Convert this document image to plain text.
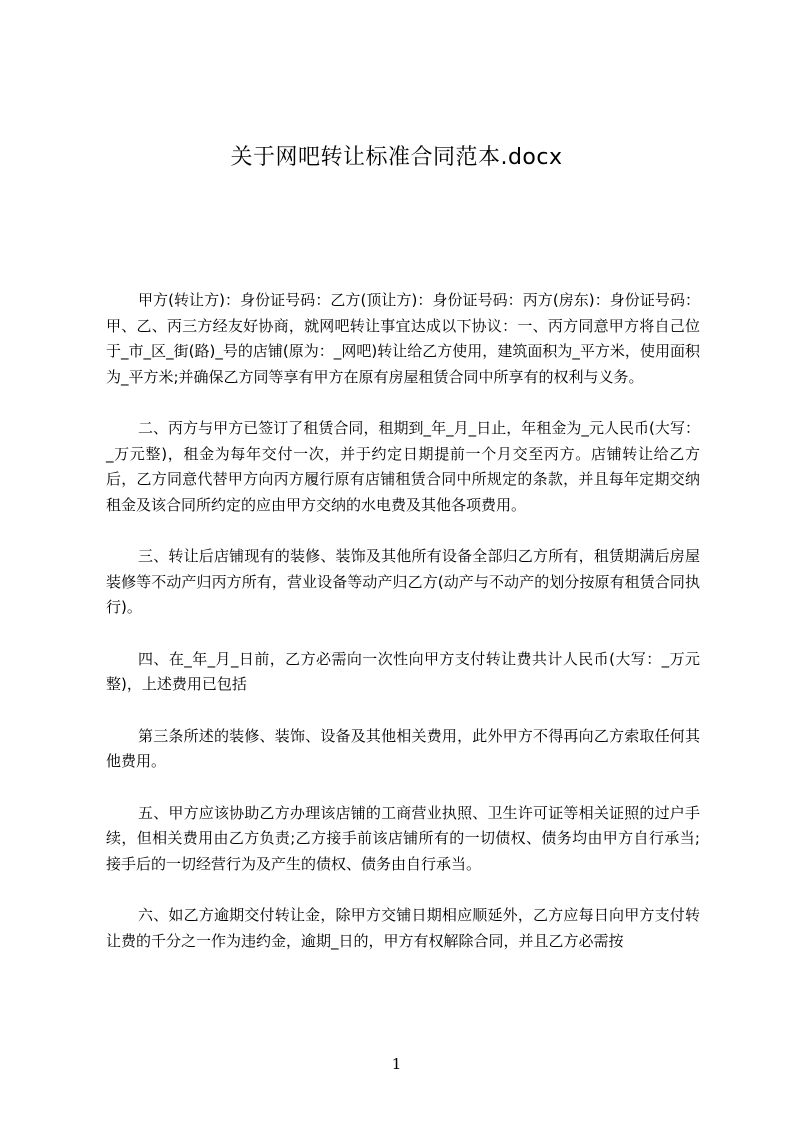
关于网吧转让标准合同范本.docx

甲方(转让方)：身份证号码：乙方(顶让方)：身份证号码：丙方(房东)：身份证号码：甲、乙、丙三方经友好协商，就网吧转让事宜达成以下协议：一、丙方同意甲方将自己位于_市_区_街(路)_号的店铺(原为：_网吧)转让给乙方使用，建筑面积为_平方米，使用面积为_平方米;并确保乙方同等享有甲方在原有房屋租赁合同中所享有的权利与义务。

二、丙方与甲方已签订了租赁合同，租期到_年_月_日止，年租金为_元人民币(大写：_万元整)，租金为每年交付一次，并于约定日期提前一个月交至丙方。店铺转让给乙方后，乙方同意代替甲方向丙方履行原有店铺租赁合同中所规定的条款，并且每年定期交纳租金及该合同所约定的应由甲方交纳的水电费及其他各项费用。

三、转让后店铺现有的装修、装饰及其他所有设备全部归乙方所有，租赁期满后房屋装修等不动产归丙方所有，营业设备等动产归乙方(动产与不动产的划分按原有租赁合同执行)。

四、在_年_月_日前，乙方必需向一次性向甲方支付转让费共计人民币(大写：_万元整)，上述费用已包括

第三条所述的装修、装饰、设备及其他相关费用，此外甲方不得再向乙方索取任何其他费用。

五、甲方应该协助乙方办理该店铺的工商营业执照、卫生许可证等相关证照的过户手续，但相关费用由乙方负责;乙方接手前该店铺所有的一切债权、债务均由甲方自行承当;接手后的一切经营行为及产生的债权、债务由自行承当。

六、如乙方逾期交付转让金，除甲方交铺日期相应顺延外，乙方应每日向甲方支付转让费的千分之一作为违约金，逾期_日的，甲方有权解除合同，并且乙方必需按

1
